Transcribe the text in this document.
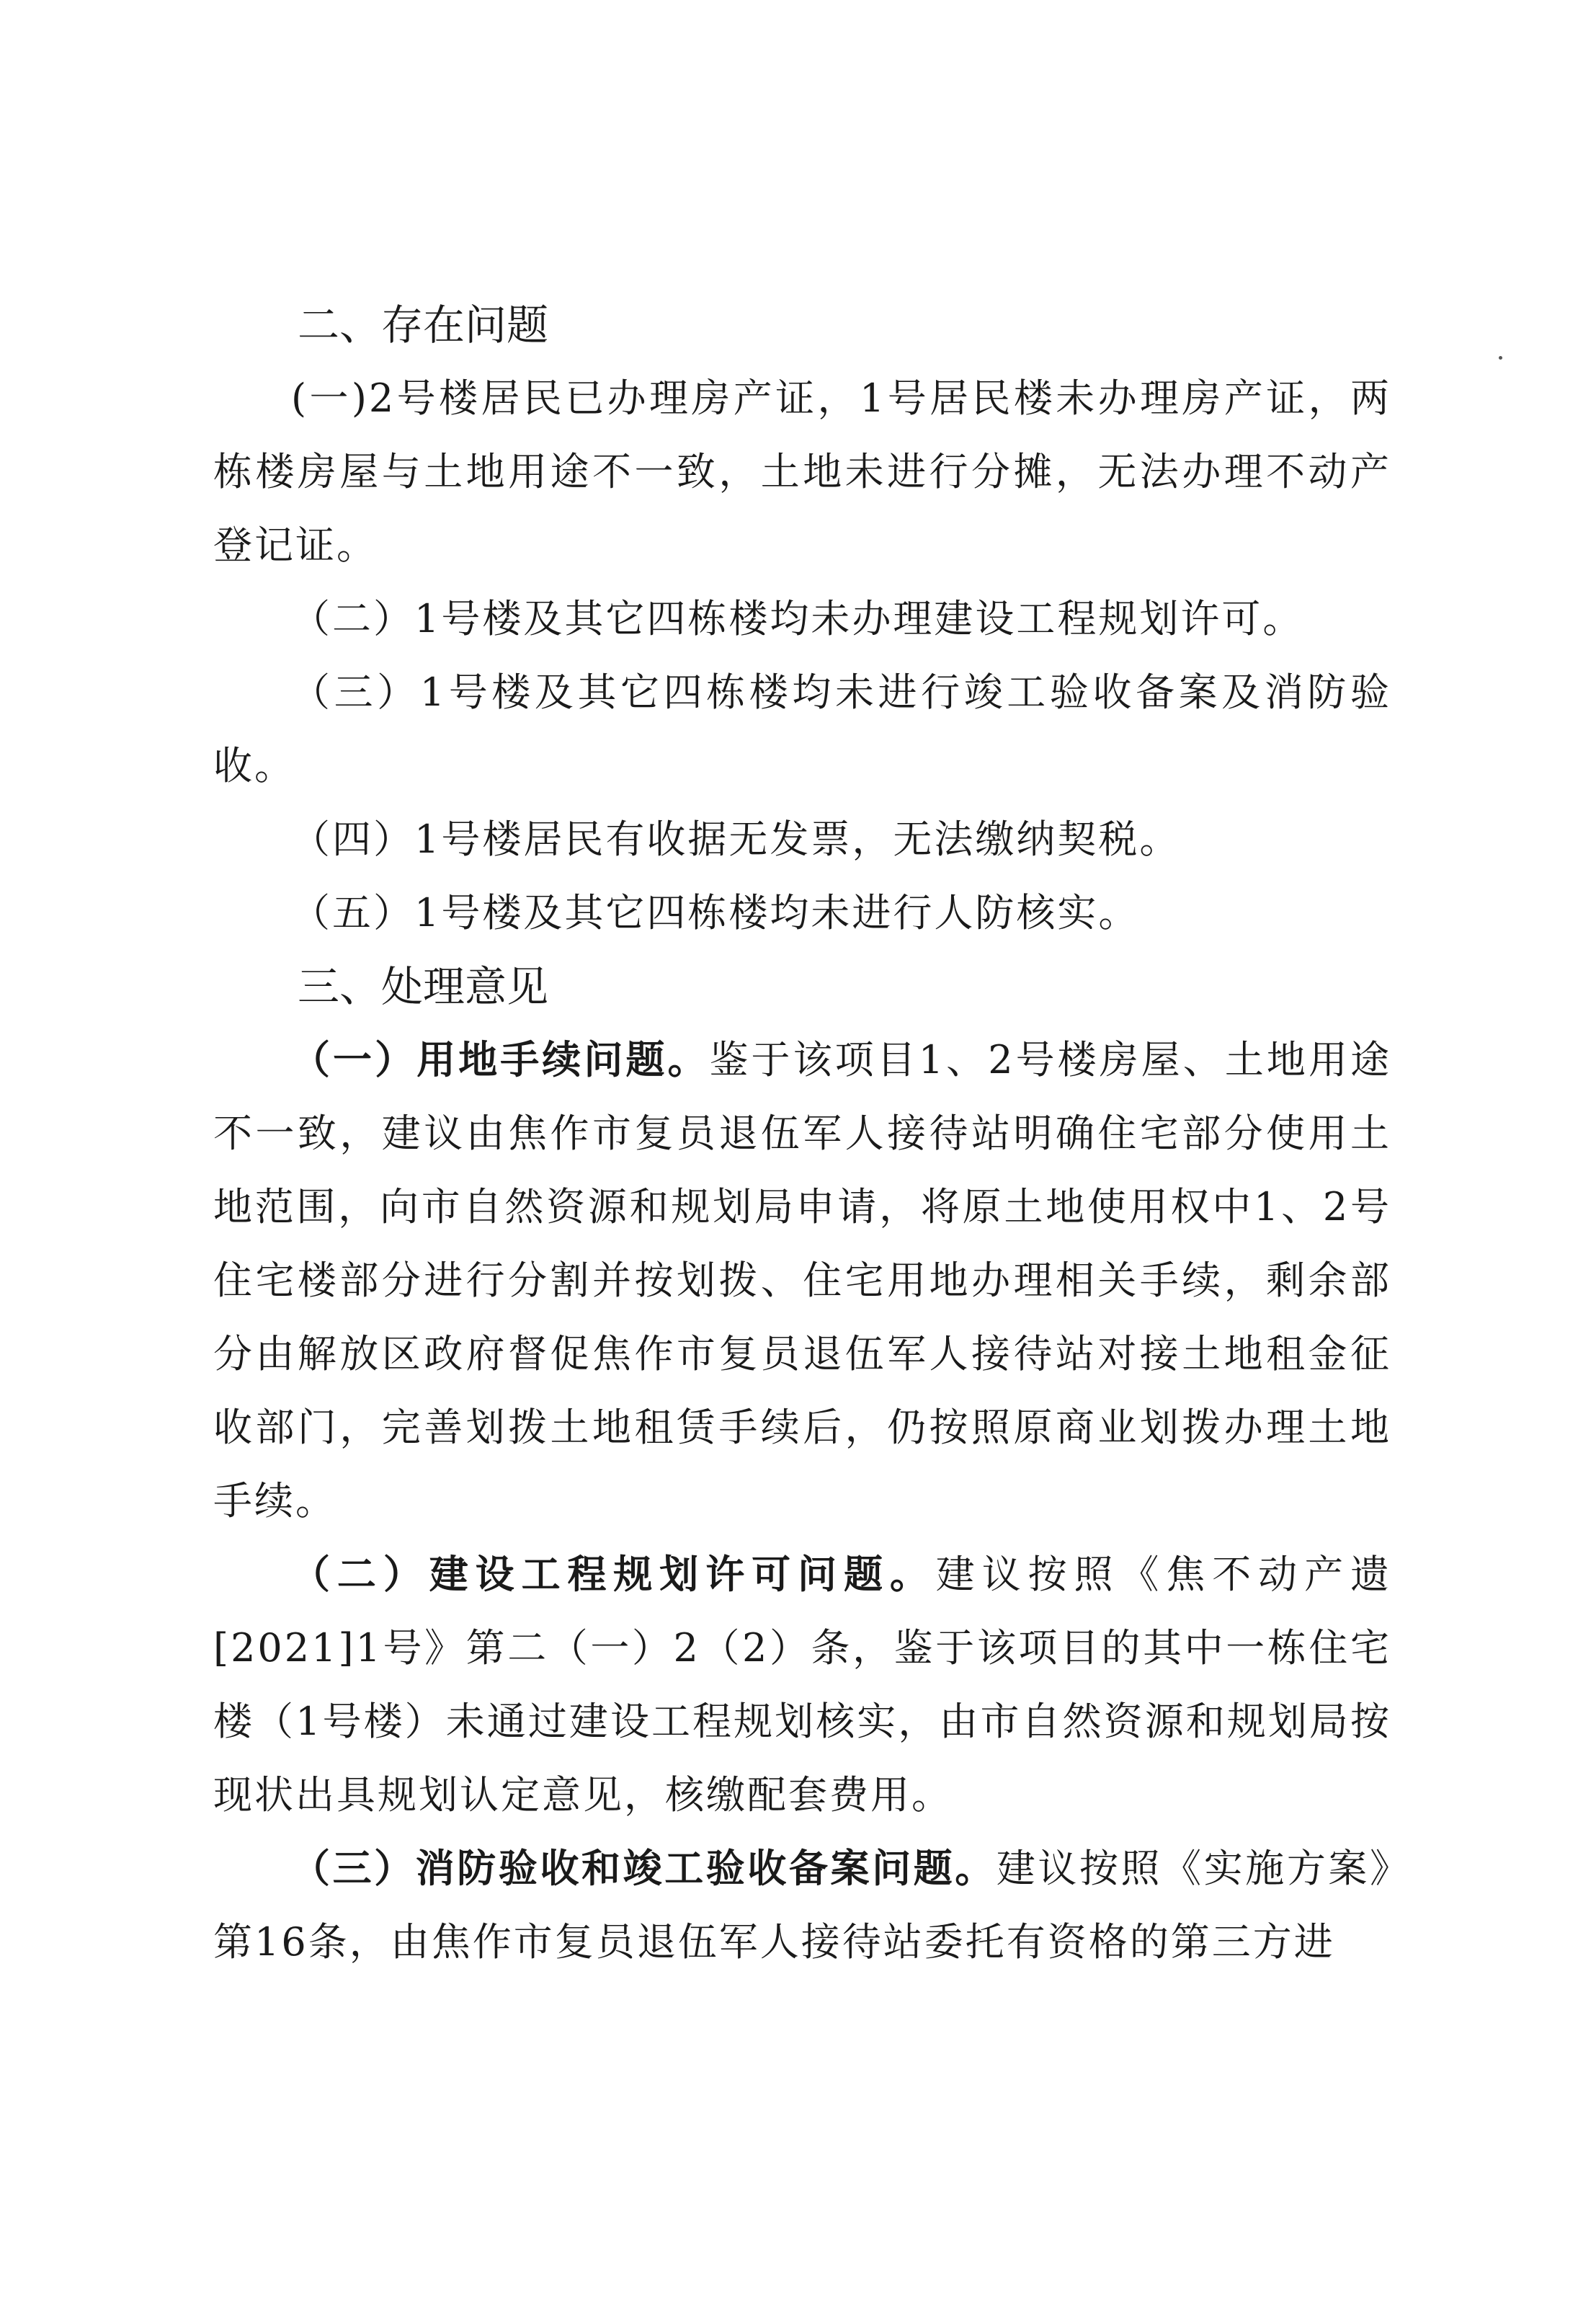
二、存在问题

(一)2号楼居民已办理房产证，1号居民楼未办理房产证，两栋楼房屋与土地用途不一致，土地未进行分摊，无法办理不动产登记证。

（二）1号楼及其它四栋楼均未办理建设工程规划许可。

（三）1号楼及其它四栋楼均未进行竣工验收备案及消防验收。

（四）1号楼居民有收据无发票，无法缴纳契税。

（五）1号楼及其它四栋楼均未进行人防核实。

三、处理意见

（一）用地手续问题。鉴于该项目1、2号楼房屋、土地用途不一致，建议由焦作市复员退伍军人接待站明确住宅部分使用土地范围，向市自然资源和规划局申请，将原土地使用权中1、2号住宅楼部分进行分割并按划拨、住宅用地办理相关手续，剩余部分由解放区政府督促焦作市复员退伍军人接待站对接土地租金征收部门，完善划拨土地租赁手续后，仍按照原商业划拨办理土地手续。

（二）建设工程规划许可问题。建议按照《焦不动产遗[2021]1号》第二（一）2（2）条，鉴于该项目的其中一栋住宅楼（1号楼）未通过建设工程规划核实，由市自然资源和规划局按现状出具规划认定意见，核缴配套费用。

（三）消防验收和竣工验收备案问题。建议按照《实施方案》第16条，由焦作市复员退伍军人接待站委托有资格的第三方进
